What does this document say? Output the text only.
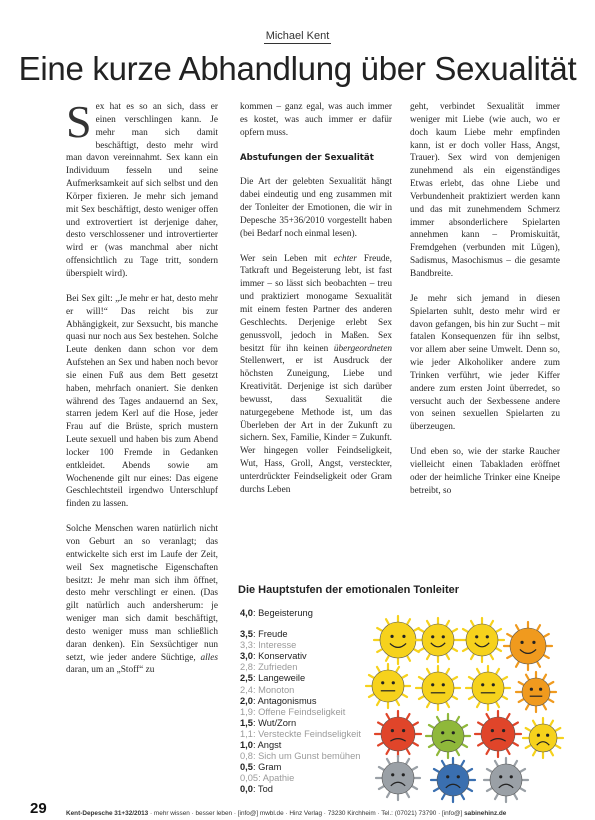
Michael Kent
Eine kurze Abhandlung über Sexualität

Sex hat es so an sich, dass er einen verschlingen kann. Je mehr man sich damit beschäftigt, desto mehr wird man davon vereinnahmt. Sex kann ein Individuum fesseln und seine Aufmerksamkeit auf sich selbst und den Körper fixieren. Je mehr sich jemand mit Sex beschäftigt, desto weniger offen und extrovertiert ist derjenige daher, desto verschlossener und introvertierter wird er (was manchmal aber nicht offensichtlich zu Tage tritt, sondern überspielt wird).

Bei Sex gilt: „Je mehr er hat, desto mehr er will!“ Das reicht bis zur Abhängigkeit, zur Sexsucht, bis manche quasi nur noch aus Sex bestehen. Solche Leute denken dann schon vor dem Aufstehen an Sex und haben noch bevor sie einen Fuß aus dem Bett gesetzt haben, mehrfach onaniert. Sie denken während des Tages andauernd an Sex, starren jedem Kerl auf die Hose, jeder Frau auf die Brüste, sprich mustern Leute sexuell und haben bis zum Abend locker 100 Fremde in Gedanken entkleidet. Abends sowie am Wochenende gilt nur eines: Das eigene Geschlechtsteil irgendwo Unterschlupf finden zu lassen.

Solche Menschen waren natürlich nicht von Geburt an so veranlagt; das entwickelte sich erst im Laufe der Zeit, weil Sex magnetische Eigenschaften besitzt: Je mehr man sich ihm öffnet, desto mehr verschlingt er einen. (Das gilt natürlich auch andersherum: je weniger man sich damit beschäftigt, desto weniger muss man schließlich daran denken). Ein Sexsüchtiger nun setzt, wie jeder andere Süchtige, alles daran, um an „Stoff“ zu

kommen – ganz egal, was auch immer es kostet, was auch immer er dafür opfern muss.

Abstufungen der Sexualität

Die Art der gelebten Sexualität hängt dabei eindeutig und eng zusammen mit der Tonleiter der Emotionen, die wir in Depesche 35+36/2010 vorgestellt haben (bei Bedarf noch einmal lesen).

Wer sein Leben mit echter Freude, Tatkraft und Begeisterung lebt, ist fast immer – so lässt sich beobachten – treu und praktiziert monogame Sexualität mit einem festen Partner des anderen Geschlechts. Derjenige erlebt Sex genussvoll, jedoch in Maßen. Sex besitzt für ihn keinen übergeordneten Stellenwert, er ist Ausdruck der höchsten Zuneigung, Liebe und Kreativität. Derjenige ist sich darüber bewusst, dass Sexualität die naturgegebene Methode ist, um das Überleben der Art in der Zukunft zu sichern. Sex, Familie, Kinder = Zukunft. Wer hingegen voller Feindseligkeit, Wut, Hass, Groll, Angst, versteckter, unterdrückter Feindseligkeit oder Gram durchs Leben

geht, verbindet Sexualität immer weniger mit Liebe (wie auch, wo er doch kaum Liebe mehr empfinden kann, ist er doch voller Hass, Angst, Trauer). Sex wird von demjenigen zunehmend als ein eigenständiges Etwas erlebt, das ohne Liebe und Verbundenheit praktiziert werden kann und das mit zunehmendem Schmerz immer absonderlichere Spielarten annehmen kann – Promiskuität, Fremdgehen (verbunden mit Lügen), Sadismus, Masochismus – die gesamte Bandbreite.

Je mehr sich jemand in diesen Spielarten suhlt, desto mehr wird er davon gefangen, bis hin zur Sucht – mit fatalen Konsequenzen für ihn selbst, vor allem aber seine Umwelt. Denn so, wie jeder Alkoholiker andere zum Trinken verführt, wie jeder Kiffer andere zum ersten Joint überredet, so versucht auch der Sexbessene andere von seinen sexuellen Spielarten zu überzeugen.

Und eben so, wie der starke Raucher vielleicht einen Tabakladen eröffnet oder der heimliche Trinker eine Kneipe betreibt, so

Die Hauptstufen der emotionalen Tonleiter
4,0: Begeisterung
3,5: Freude
3,3: Interesse
3,0: Konservativ
2,8: Zufrieden
2,5: Langeweile
2,4: Monoton
2,0: Antagonismus
1,9: Offene Feindseligkeit
1,5: Wut/Zorn
1,1: Versteckte Feindseligkeit
1,0: Angst
0,8: Sich um Gunst bemühen
0,5: Gram
0,05: Apathie
0,0: Tod
29	Kent-Depesche 31+32/2013 · mehr wissen · besser leben · [info@] mwbl.de · Hinz Verlag · 73230 Kirchheim · Tel.: (07021) 73790 · [info@] sabinehinz.de
